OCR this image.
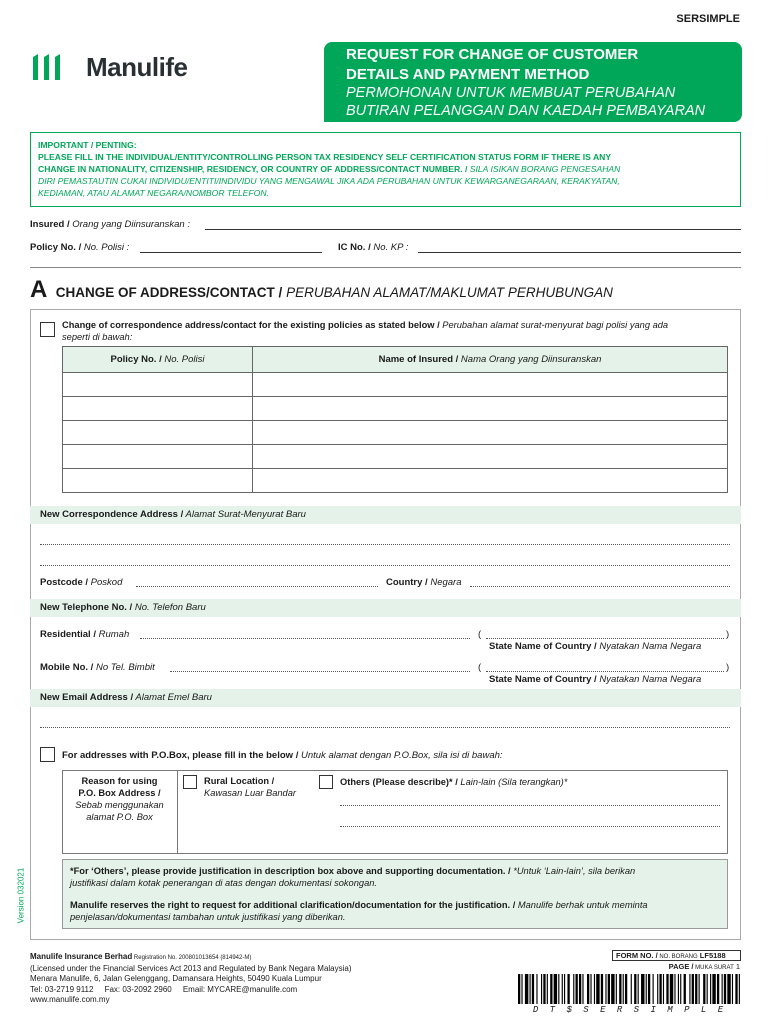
SERSIMPLE
Manulife	REQUEST FOR CHANGE OF CUSTOMER
DETAILS AND PAYMENT METHOD
PERMOHONAN UNTUK MEMBUAT PERUBAHAN
BUTIRAN PELANGGAN DAN KAEDAH PEMBAYARAN
IMPORTANT / PENTING:
PLEASE FILL IN THE INDIVIDUAL/ENTITY/CONTROLLING PERSON TAX RESIDENCY SELF CERTIFICATION STATUS FORM IF THERE IS ANY
CHANGE IN NATIONALITY, CITIZENSHIP, RESIDENCY, OR COUNTRY OF ADDRESS/CONTACT NUMBER. / SILA ISIKAN BORANG PENGESAHAN
DIRI PEMASTAUTIN CUKAI INDIVIDU/ENTITI/INDIVIDU YANG MENGAWAL JIKA ADA PERUBAHAN UNTUK KEWARGANEGARAAN, KERAKYATAN,
KEDIAMAN, ATAU ALAMAT NEGARA/NOMBOR TELEFON.
Insured / Orang yang Diinsuranskan :
Policy No. / No. Polisi :	IC No. / No. KP :
A CHANGE OF ADDRESS/CONTACT / PERUBAHAN ALAMAT/MAKLUMAT PERHUBUNGAN
Change of correspondence address/contact for the existing policies as stated below / Perubahan alamat surat-menyurat bagi polisi yang ada
seperti di bawah:
Policy No. / No. Polisi	Name of Insured / Nama Orang yang Diinsuranskan

New Correspondence Address / Alamat Surat-Menyurat Baru
Postcode / Poskod	Country / Negara
New Telephone No. / No. Telefon Baru
Residential / Rumah	(	)
State Name of Country / Nyatakan Nama Negara
Mobile No. / No Tel. Bimbit	(	)
State Name of Country / Nyatakan Nama Negara
New Email Address / Alamat Emel Baru
For addresses with P.O.Box, please fill in the below / Untuk alamat dengan P.O.Box, sila isi di bawah:
Reason for using
P.O. Box Address /
Sebab menggunakan
alamat P.O. Box
Rural Location /
Kawasan Luar Bandar
Others (Please describe)* / Lain-lain (Sila terangkan)*
*For ‘Others’, please provide justification in description box above and supporting documentation. / *Untuk ‘Lain-lain’, sila berikan
justifikasi dalam kotak penerangan di atas dengan dokumentasi sokongan.
Manulife reserves the right to request for additional clarification/documentation for the justification. / Manulife berhak untuk meminta
penjelasan/dokumentasi tambahan untuk justifikasi yang diberikan.
Version 032021
Manulife Insurance Berhad Registration No. 200801013654 (814942-M)
(Licensed under the Financial Services Act 2013 and Regulated by Bank Negara Malaysia)
Menara Manulife, 6, Jalan Gelenggang, Damansara Heights, 50490 Kuala Lumpur
Tel: 03-2719 9112     Fax: 03-2092 2960     Email: MYCARE@manulife.com
www.manulife.com.my
FORM NO. / NO. BORANG LF5188
PAGE / MUKA SURAT 1
D T $ S E R S I M P L E
